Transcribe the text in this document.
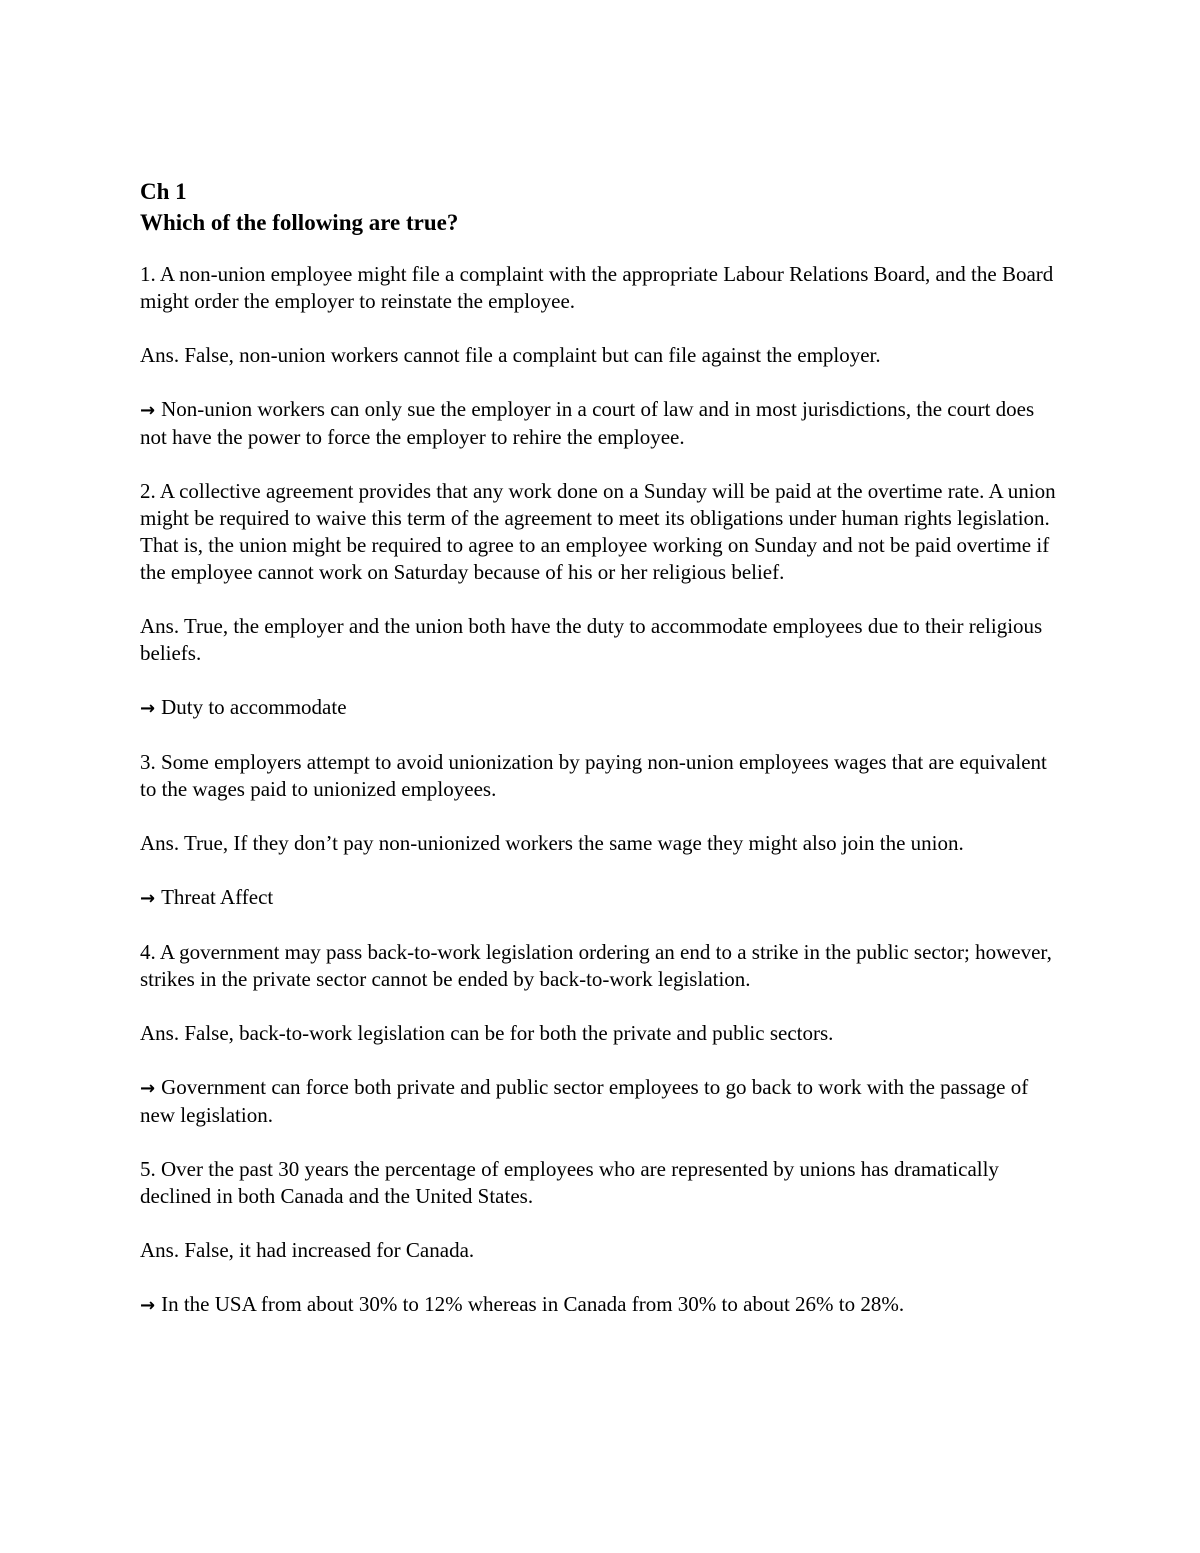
Ch 1

Which of the following are true?

1. A non-union employee might file a complaint with the appropriate Labour Relations Board, and the Board might order the employer to reinstate the employee.

Ans. False, non-union workers cannot file a complaint but can file against the employer.

→ Non-union workers can only sue the employer in a court of law and in most jurisdictions, the court does not have the power to force the employer to rehire the employee.

2. A collective agreement provides that any work done on a Sunday will be paid at the overtime rate. A union might be required to waive this term of the agreement to meet its obligations under human rights legislation. That is, the union might be required to agree to an employee working on Sunday and not be paid overtime if the employee cannot work on Saturday because of his or her religious belief.

Ans. True, the employer and the union both have the duty to accommodate employees due to their religious beliefs.

→ Duty to accommodate

3. Some employers attempt to avoid unionization by paying non-union employees wages that are equivalent to the wages paid to unionized employees.

Ans. True, If they don’t pay non-unionized workers the same wage they might also join the union.

→ Threat Affect

4. A government may pass back-to-work legislation ordering an end to a strike in the public sector; however, strikes in the private sector cannot be ended by back-to-work legislation.

Ans. False, back-to-work legislation can be for both the private and public sectors.

→ Government can force both private and public sector employees to go back to work with the passage of new legislation.

5. Over the past 30 years the percentage of employees who are represented by unions has dramatically declined in both Canada and the United States.

Ans. False, it had increased for Canada.

→ In the USA from about 30% to 12% whereas in Canada from 30% to about 26% to 28%.
